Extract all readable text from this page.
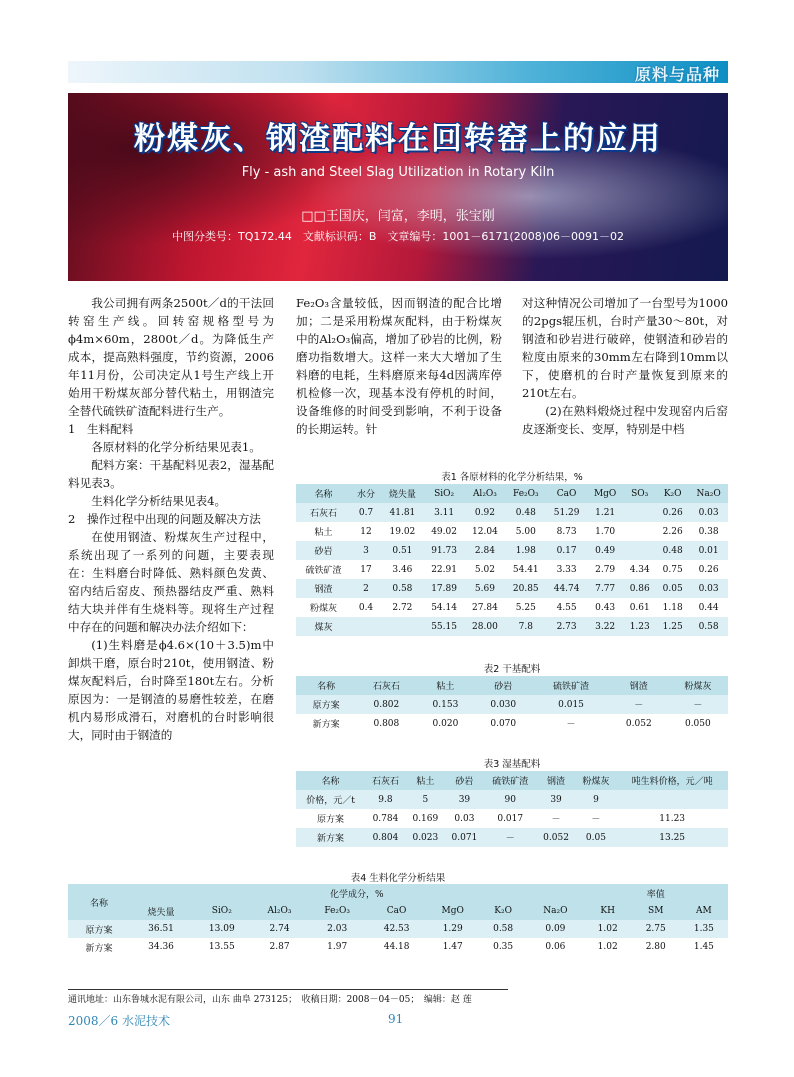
原料与品种
粉煤灰、钢渣配料在回转窑上的应用
Fly - ash and Steel Slag Utilization in Rotary Kiln
□□王国庆，闫富，李明，张宝刚
中图分类号：TQ172.44　文献标识码：B　文章编号：1001－6171(2008)06－0091－02

我公司拥有两条2500t／d的干法回转窑生产线。回转窑规格型号为ϕ4m×60m，2800t／d。为降低生产成本，提高熟料强度，节约资源，2006年11月份，公司决定从1号生产线上开始用干粉煤灰部分替代粘土，用钢渣完全替代硫铁矿渣配料进行生产。

1　生料配料

各原材料的化学分析结果见表1。

配料方案：干基配料见表2，湿基配料见表3。

生料化学分析结果见表4。

2　操作过程中出现的问题及解决方法

在使用钢渣、粉煤灰生产过程中，系统出现了一系列的问题，主要表现在：生料磨台时降低、熟料颜色发黄、窑内结后窑皮、预热器结皮严重、熟料结大块并伴有生烧料等。现将生产过程中存在的问题和解决办法介绍如下：

(1)生料磨是ϕ4.6×(10＋3.5)m中卸烘干磨，原台时210t，使用钢渣、粉煤灰配料后，台时降至180t左右。分析原因为：一是钢渣的易磨性较差，在磨机内易形成滑石，对磨机的台时影响很大，同时由于钢渣的

Fe₂O₃含量较低，因而钢渣的配合比增加；二是采用粉煤灰配料，由于粉煤灰中的Al₂O₃偏高，增加了砂岩的比例，粉磨功指数增大。这样一来大大增加了生料磨的电耗，生料磨原来每4d因满库停机检修一次，现基本没有停机的时间，设备维修的时间受到影响，不利于设备的长期运转。针

对这种情况公司增加了一台型号为1000的2pgs辊压机，台时产量30～80t，对钢渣和砂岩进行破碎，使钢渣和砂岩的粒度由原来的30mm左右降到10mm以下，使磨机的台时产量恢复到原来的210t左右。

(2)在熟料煅烧过程中发现窑内后窑皮逐渐变长、变厚，特别是中档

表1 各原材料的化学分析结果，%
名称	水分	烧失量	SiO₂	Al₂O₃	Fe₂O₃	CaO	MgO	SO₃	K₂O	Na₂O
石灰石	0.7	41.81	3.11	0.92	0.48	51.29	1.21		0.26	0.03
粘土	12	19.02	49.02	12.04	5.00	8.73	1.70		2.26	0.38
砂岩	3	0.51	91.73	2.84	1.98	0.17	0.49		0.48	0.01
硫铁矿渣	17	3.46	22.91	5.02	54.41	3.33	2.79	4.34	0.75	0.26
钢渣	2	0.58	17.89	5.69	20.85	44.74	7.77	0.86	0.05	0.03
粉煤灰	0.4	2.72	54.14	27.84	5.25	4.55	0.43	0.61	1.18	0.44
煤灰			55.15	28.00	7.8	2.73	3.22	1.23	1.25	0.58
表2 干基配料
名称	石灰石	粘土	砂岩	硫铁矿渣	钢渣	粉煤灰
原方案	0.802	0.153	0.030	0.015	－	－
新方案	0.808	0.020	0.070	－	0.052	0.050
表3 湿基配料
名称	石灰石	粘土	砂岩	硫铁矿渣	钢渣	粉煤灰	吨生料价格，元／吨
价格，元／t	9.8	5	39	90	39	9	
原方案	0.784	0.169	0.03	0.017	－	－	11.23
新方案	0.804	0.023	0.071	－	0.052	0.05	13.25
表4 生料化学分析结果
名称	化学成分，%								率值		
	烧失量	SiO₂	Al₂O₃	Fe₂O₃	CaO	MgO	K₂O	Na₂O	KH	SM	AM
原方案	36.51	13.09	2.74	2.03	42.53	1.29	0.58	0.09	1.02	2.75	1.35
新方案	34.36	13.55	2.87	1.97	44.18	1.47	0.35	0.06	1.02	2.80	1.45
通讯地址：山东鲁城水泥有限公司，山东 曲阜 273125；　收稿日期：2008－04－05；　编辑：赵 莲
2008／6 水泥技术	91
